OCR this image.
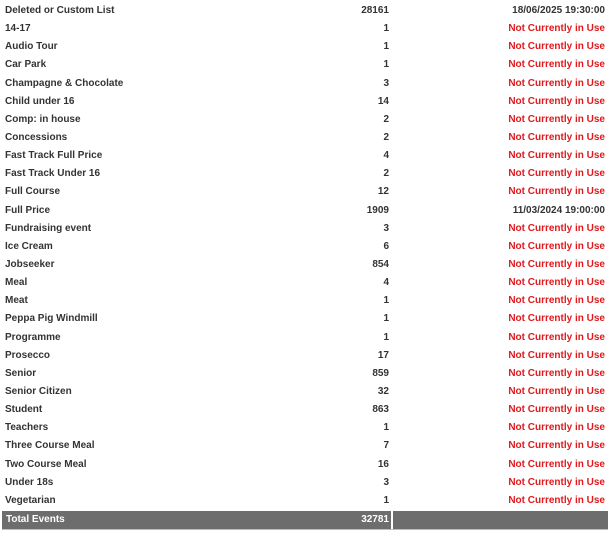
Deleted or Custom List	28161	18/06/2025 19:30:00
14-17	1	Not Currently in Use
Audio Tour	1	Not Currently in Use
Car Park	1	Not Currently in Use
Champagne & Chocolate	3	Not Currently in Use
Child under 16	14	Not Currently in Use
Comp: in house	2	Not Currently in Use
Concessions	2	Not Currently in Use
Fast Track Full Price	4	Not Currently in Use
Fast Track Under 16	2	Not Currently in Use
Full Course	12	Not Currently in Use
Full Price	1909	11/03/2024 19:00:00
Fundraising event	3	Not Currently in Use
Ice Cream	6	Not Currently in Use
Jobseeker	854	Not Currently in Use
Meal	4	Not Currently in Use
Meat	1	Not Currently in Use
Peppa Pig Windmill	1	Not Currently in Use
Programme	1	Not Currently in Use
Prosecco	17	Not Currently in Use
Senior	859	Not Currently in Use
Senior Citizen	32	Not Currently in Use
Student	863	Not Currently in Use
Teachers	1	Not Currently in Use
Three Course Meal	7	Not Currently in Use
Two Course Meal	16	Not Currently in Use
Under 18s	3	Not Currently in Use
Vegetarian	1	Not Currently in Use
Total Events	32781
